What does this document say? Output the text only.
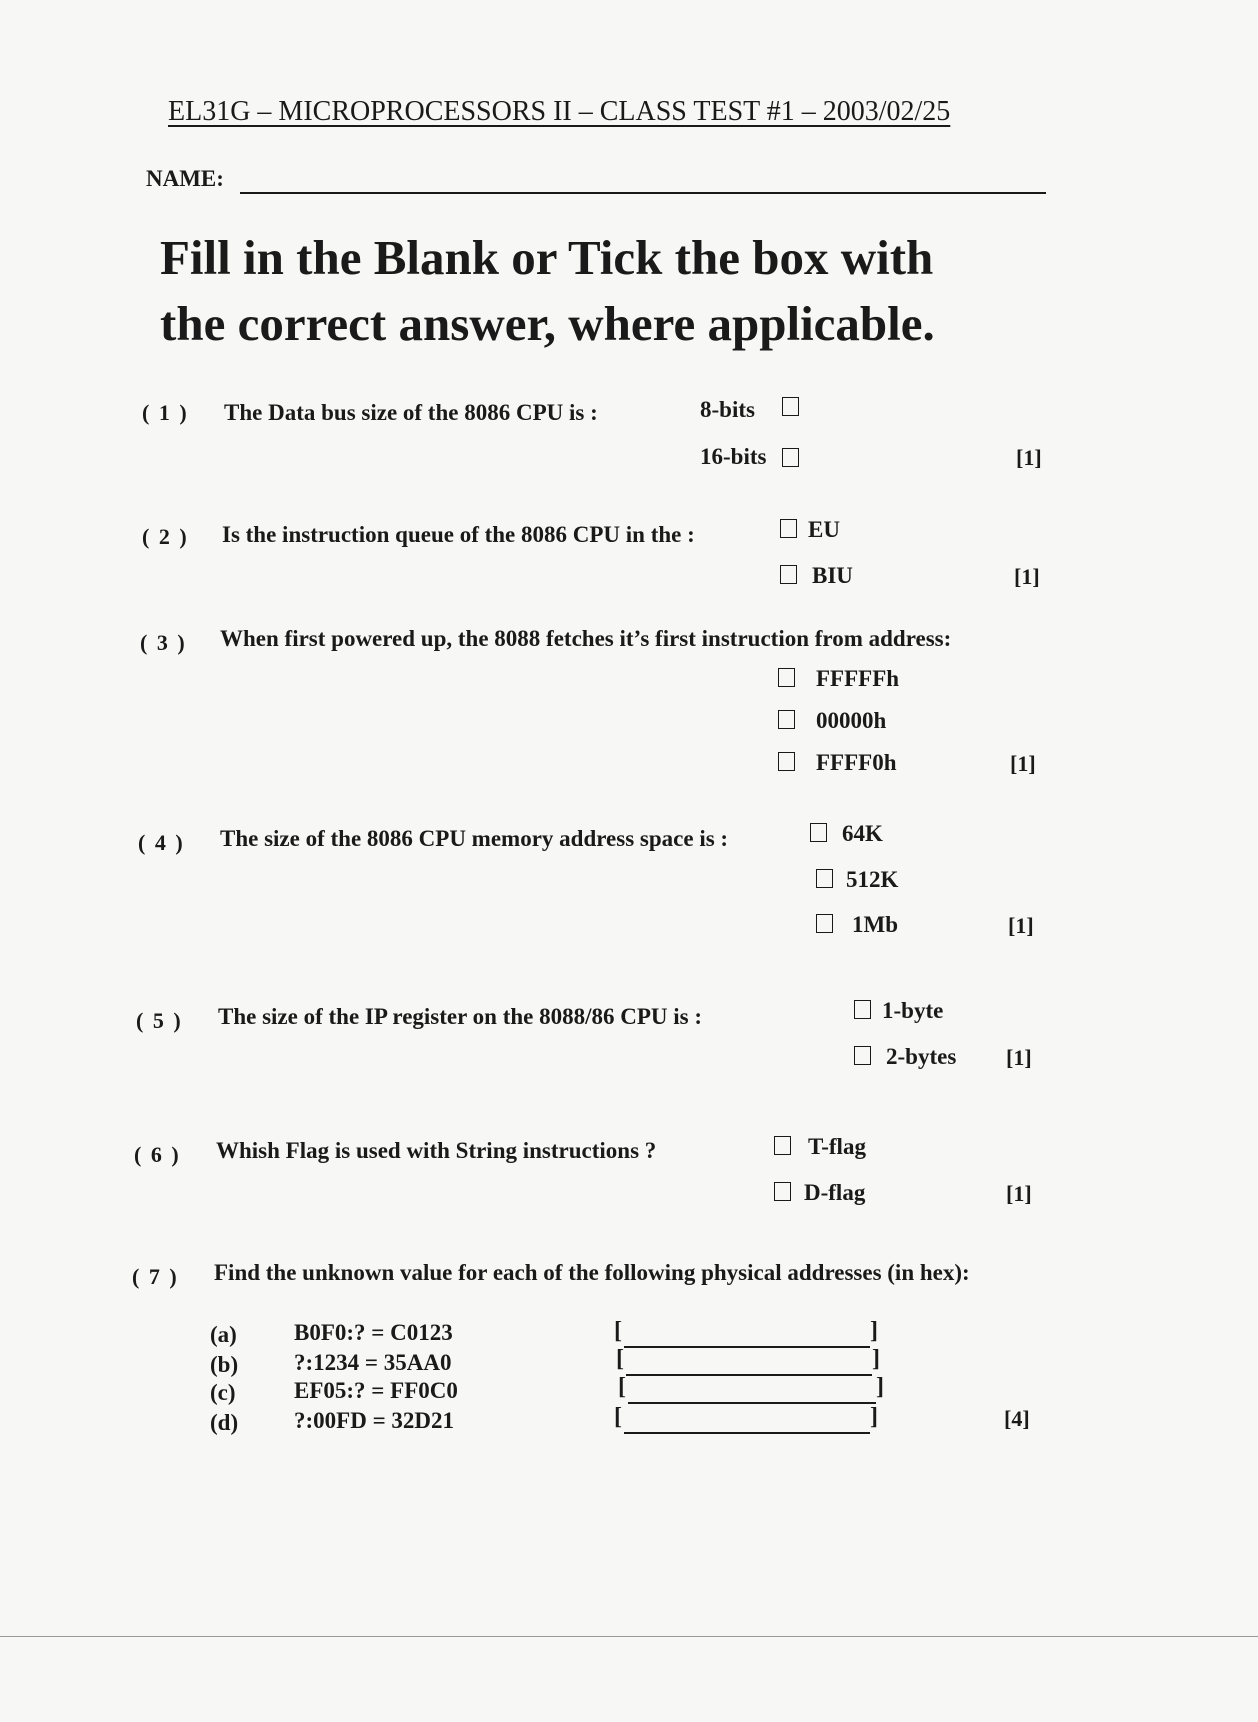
EL31G – MICROPROCESSORS II – CLASS TEST #1 – 2003/02/25
NAME:
Fill in the Blank or Tick the box with
the correct answer, where applicable.
( 1 ) The Data bus size of the 8086 CPU is :	8-bits
16-bits	[1]
( 2 ) Is the instruction queue of the 8086 CPU in the :	EU
BIU	[1]
( 3 ) When first powered up, the 8088 fetches it’s first instruction from address:
FFFFFh
00000h
FFFF0h	[1]
( 4 ) The size of the 8086 CPU memory address space is :	64K
512K
1Mb	[1]
( 5 ) The size of the IP register on the 8088/86 CPU is :	1-byte
2-bytes [1]
( 6 ) Whish Flag is used with String instructions ?	T-flag
D-flag	[1]
( 7 ) Find the unknown value for each of the following physical addresses (in hex):
(a) B0F0:? = C0123	[	]
(b) ?:1234 = 35AA0	[	]
(c)	EF05:? = FF0C0	[	]
(d) ?:00FD = 32D21	[	]	[4]
